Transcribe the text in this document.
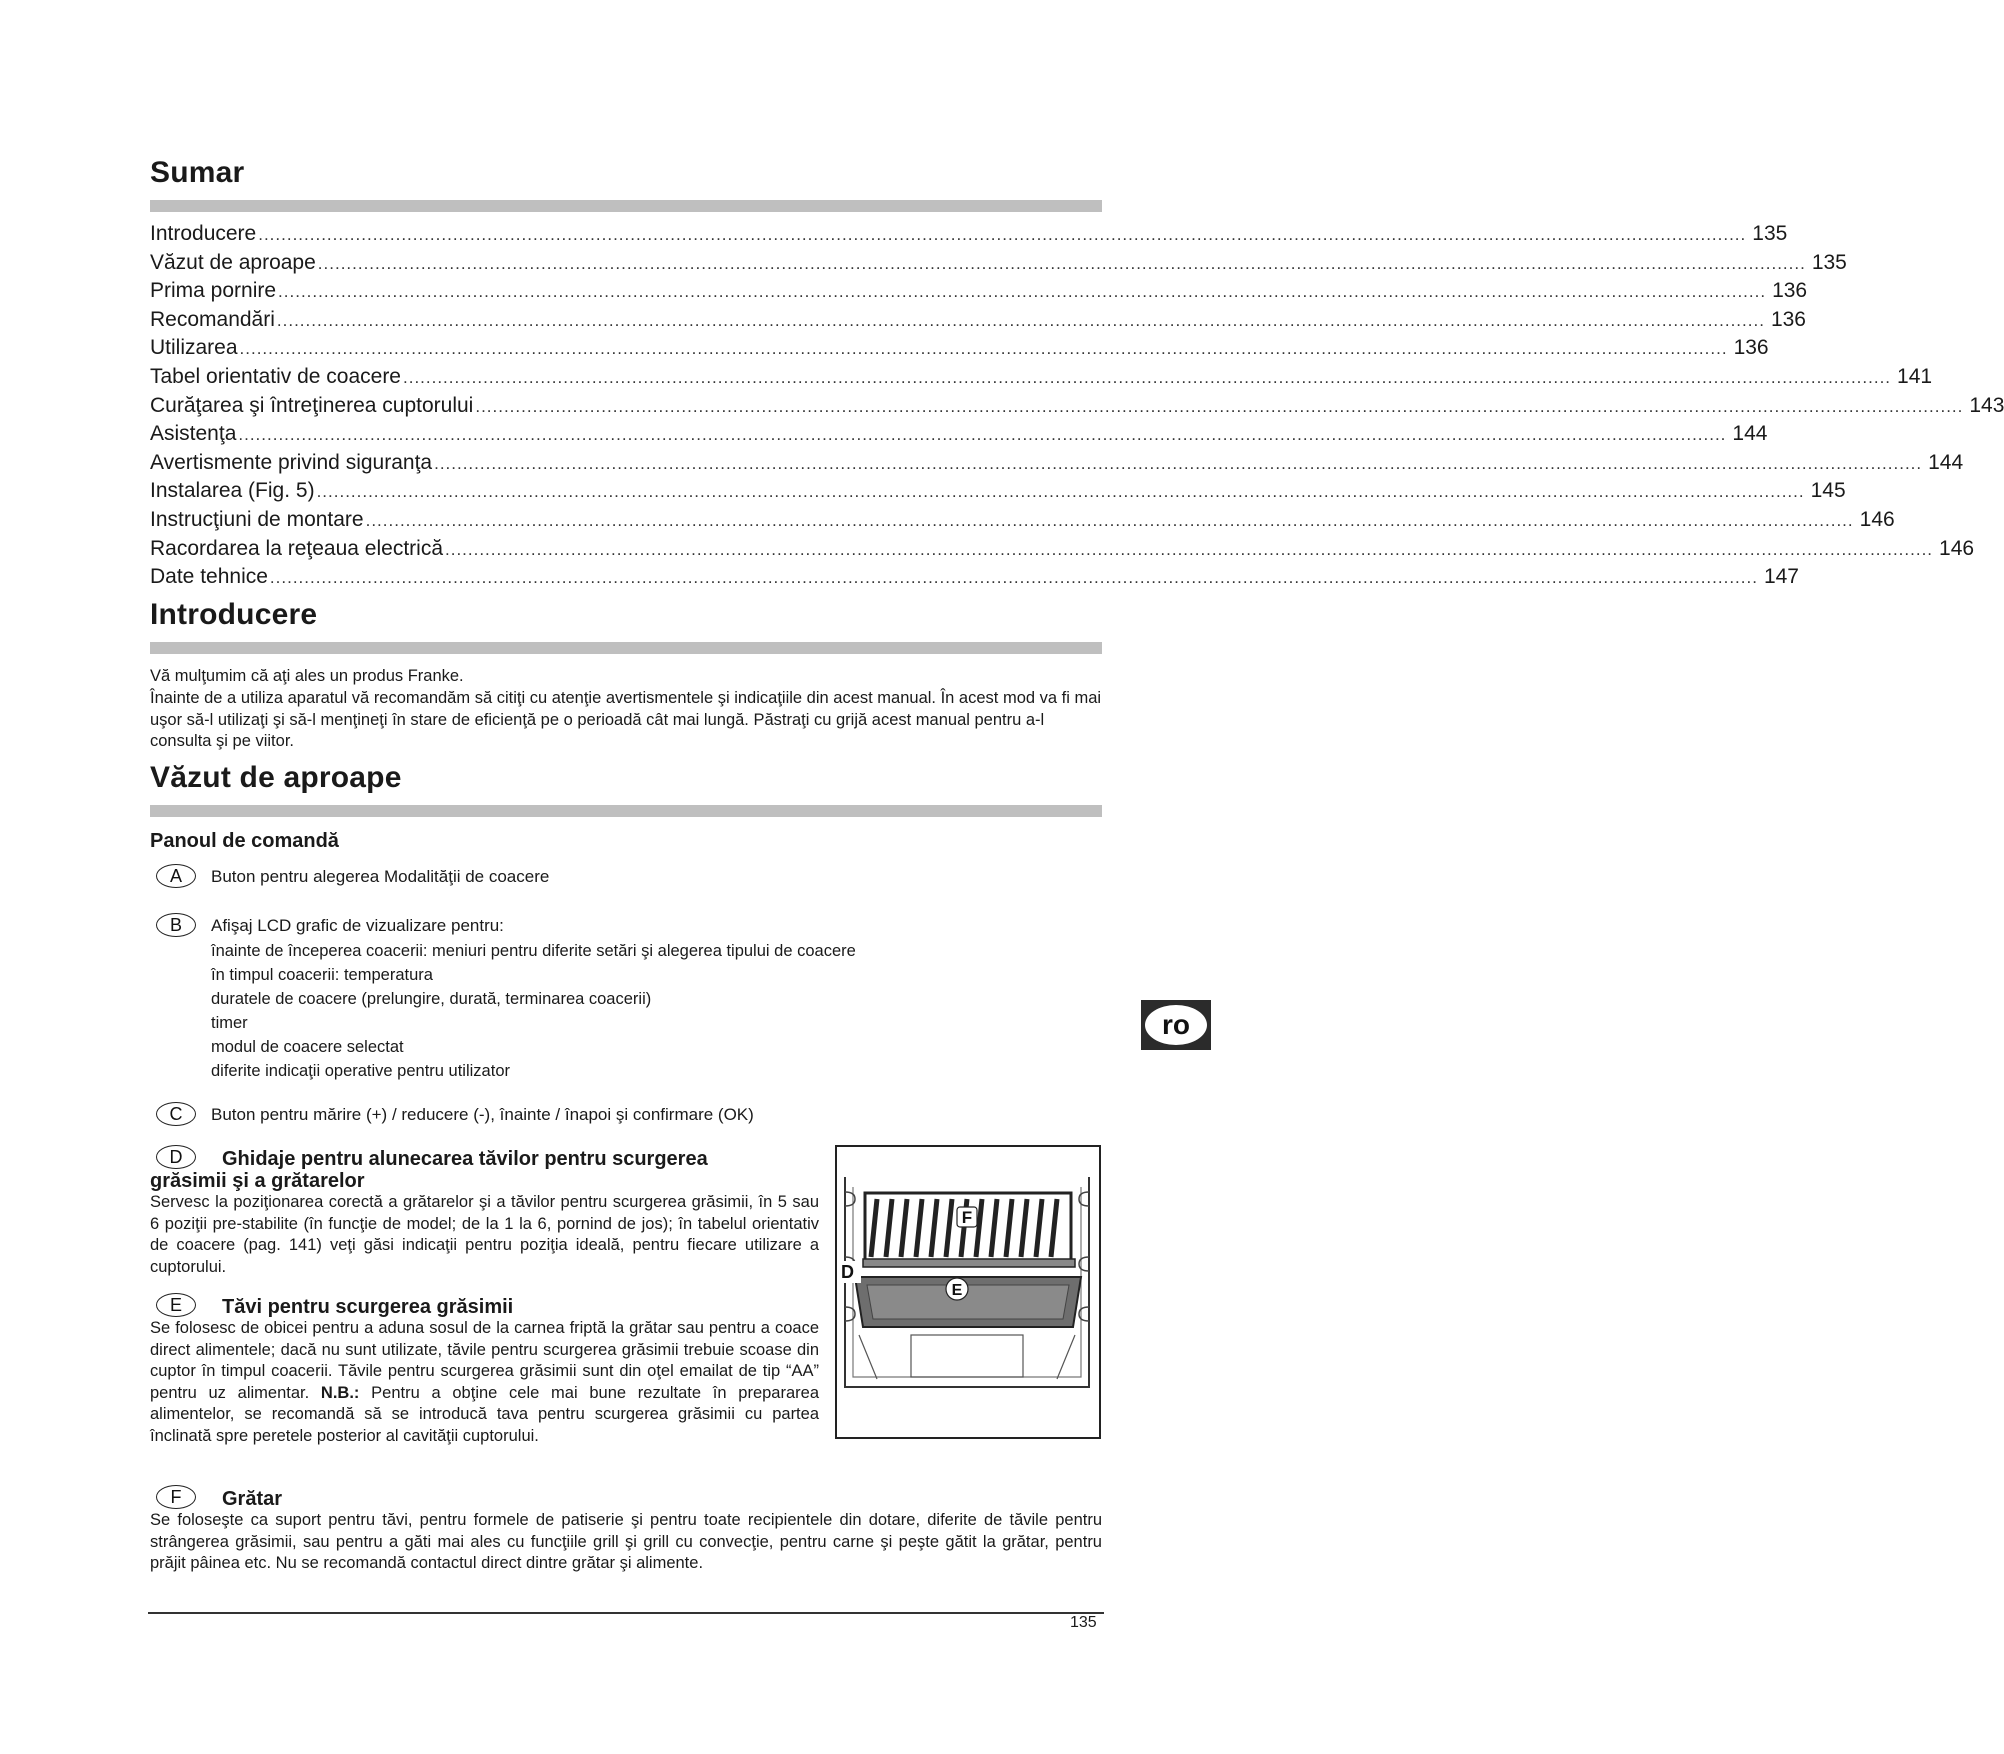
Sumar
Introducere .................................................................................................................................................................................................................................................................... 135
Văzut de aproape .................................................................................................................................................................................................................................................................... 135
Prima pornire .................................................................................................................................................................................................................................................................... 136
Recomandări .................................................................................................................................................................................................................................................................... 136
Utilizarea .................................................................................................................................................................................................................................................................... 136
Tabel orientativ de coacere .................................................................................................................................................................................................................................................................... 141
Curăţarea şi întreţinerea cuptorului .................................................................................................................................................................................................................................................................... 143
Asistenţa .................................................................................................................................................................................................................................................................... 144
Avertismente privind siguranţa .................................................................................................................................................................................................................................................................... 144
Instalarea (Fig. 5) .................................................................................................................................................................................................................................................................... 145
Instrucţiuni de montare .................................................................................................................................................................................................................................................................... 146
Racordarea la reţeaua electrică .................................................................................................................................................................................................................................................................... 146
Date tehnice .................................................................................................................................................................................................................................................................... 147
Introducere

Vă mulţumim că aţi ales un produs Franke.

Înainte de a utiliza aparatul vă recomandăm să citiţi cu atenţie avertismentele şi indicaţiile din acest manual. În acest mod va fi mai uşor să-l utilizaţi şi să-l menţineţi în stare de eficienţă pe o perioadă cât mai lungă. Păstraţi cu grijă acest manual pentru a-l consulta şi pe viitor.

Văzut de aproape
Panoul de comandă
A	Buton pentru alegerea Modalităţii de coacere
B	Afişaj LCD grafic de vizualizare pentru:
înainte de începerea coacerii: meniuri pentru diferite setări şi alegerea tipului de coacere
în timpul coacerii: temperatura
duratele de coacere (prelungire, durată, terminarea coacerii)
timer
modul de coacere selectat
diferite indicaţii operative pentru utilizator
C	Buton pentru mărire (+) / reducere (-), înainte / înapoi şi confirmare (OK)
D	Ghidaje pentru alunecarea tăvilor pentru scurgerea
grăsimii şi a grătarelor

Servesc la poziţionarea corectă a grătarelor şi a tăvilor pentru scurgerea grăsimii, în 5 sau 6 poziţii pre-stabilite (în funcţie de model; de la 1 la 6, pornind de jos); în tabelul orientativ de coacere (pag. 141) veţi găsi indicaţii pentru poziţia ideală, pentru fiecare utilizare a cuptorului.

E	Tăvi pentru scurgerea grăsimii

Se folosesc de obicei pentru a aduna sosul de la carnea friptă la grătar sau pentru a coace direct alimentele; dacă nu sunt utilizate, tăvile pentru scurgerea grăsimii trebuie scoase din cuptor în timpul coacerii. Tăvile pentru scurgerea grăsimii sunt din oţel emailat de tip “AA” pentru uz alimentar. N.B.: Pentru a obţine cele mai bune rezultate în prepararea alimentelor, se recomandă să se introducă tava pentru scurgerea grăsimii cu partea înclinată spre peretele posterior al cavităţii cuptorului.

F	Grătar

Se foloseşte ca suport pentru tăvi, pentru formele de patiserie şi pentru toate recipientele din dotare, diferite de tăvile pentru strângerea grăsimii, sau pentru a găti mai ales cu funcţiile grill şi grill cu convecţie, pentru carne şi peşte gătit la grătar, pentru prăjit pâinea etc. Nu se recomandă contactul direct dintre grătar şi alimente.

F
D
E
ro
135
